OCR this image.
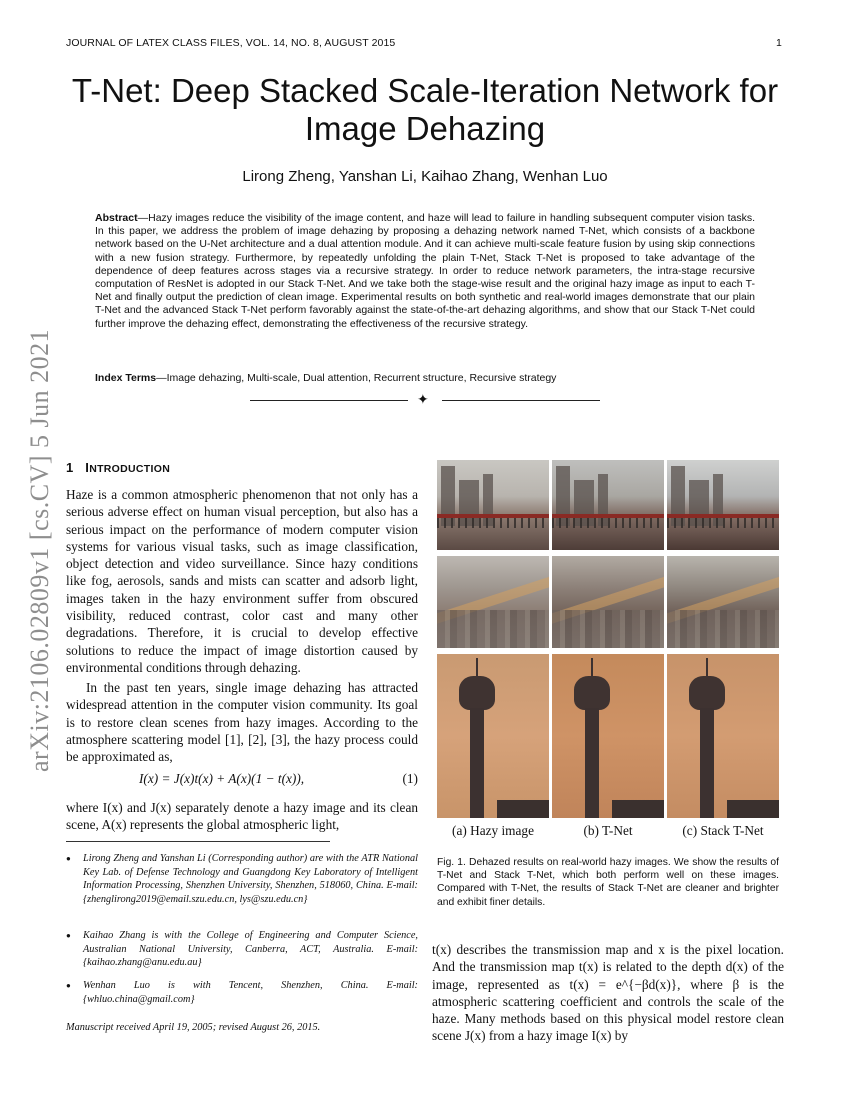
JOURNAL OF LATEX CLASS FILES, VOL. 14, NO. 8, AUGUST 2015	1
T-Net: Deep Stacked Scale-Iteration Network for Image Dehazing
Lirong Zheng, Yanshan Li, Kaihao Zhang, Wenhan Luo
Abstract—Hazy images reduce the visibility of the image content, and haze will lead to failure in handling subsequent computer vision tasks. In this paper, we address the problem of image dehazing by proposing a dehazing network named T-Net, which consists of a backbone network based on the U-Net architecture and a dual attention module. And it can achieve multi-scale feature fusion by using skip connections with a new fusion strategy. Furthermore, by repeatedly unfolding the plain T-Net, Stack T-Net is proposed to take advantage of the dependence of deep features across stages via a recursive strategy. In order to reduce network parameters, the intra-stage recursive computation of ResNet is adopted in our Stack T-Net. And we take both the stage-wise result and the original hazy image as input to each T-Net and finally output the prediction of clean image. Experimental results on both synthetic and real-world images demonstrate that our plain T-Net and the advanced Stack T-Net perform favorably against the state-of-the-art dehazing algorithms, and show that our Stack T-Net could further improve the dehazing effect, demonstrating the effectiveness of the recursive strategy.
Index Terms—Image dehazing, Multi-scale, Dual attention, Recurrent structure, Recursive strategy
✦
1 INTRODUCTION
Haze is a common atmospheric phenomenon that not only has a serious adverse effect on human visual perception, but also has a serious impact on the performance of modern computer vision systems for various visual tasks, such as image classification, object detection and video surveillance. Since hazy conditions like fog, aerosols, sands and mists can scatter and adsorb light, images taken in the hazy environment suffer from obscured visibility, reduced contrast, color cast and many other degradations. Therefore, it is crucial to develop effective solutions to reduce the impact of image distortion caused by environmental conditions through dehazing.
In the past ten years, single image dehazing has attracted widespread attention in the computer vision community. Its goal is to restore clean scenes from hazy images. According to the atmosphere scattering model [1], [2], [3], the hazy process could be approximated as,
I(x) = J(x)t(x) + A(x)(1 − t(x)),	(1)
where I(x) and J(x) separately denote a hazy image and its clean scene, A(x) represents the global atmospheric light,
● Lirong Zheng and Yanshan Li (Corresponding author) are with the ATR National Key Lab. of Defense Technology and Guangdong Key Laboratory of Intelligent Information Processing, Shenzhen University, Shenzhen, 518060, China. E-mail: {zhenglirong2019@email.szu.edu.cn, lys@szu.edu.cn}
● Kaihao Zhang is with the College of Engineering and Computer Science, Australian National University, Canberra, ACT, Australia. E-mail: {kaihao.zhang@anu.edu.au}
● Wenhan Luo is with Tencent, Shenzhen, China. E-mail: {whluo.china@gmail.com}
Manuscript received April 19, 2005; revised August 26, 2015.
arXiv:2106.02809v1 [cs.CV] 5 Jun 2021
(a) Hazy image	(b) T-Net	(c) Stack T-Net
Fig. 1. Dehazed results on real-world hazy images. We show the results of T-Net and Stack T-Net, which both perform well on these images. Compared with T-Net, the results of Stack T-Net are cleaner and brighter and exhibit finer details.
t(x) describes the transmission map and x is the pixel location. And the transmission map t(x) is related to the depth d(x) of the image, represented as t(x) = e^{−βd(x)}, where β is the atmospheric scattering coefficient and controls the scale of the haze. Many methods based on this physical model restore clean scene J(x) from a hazy image I(x) by
